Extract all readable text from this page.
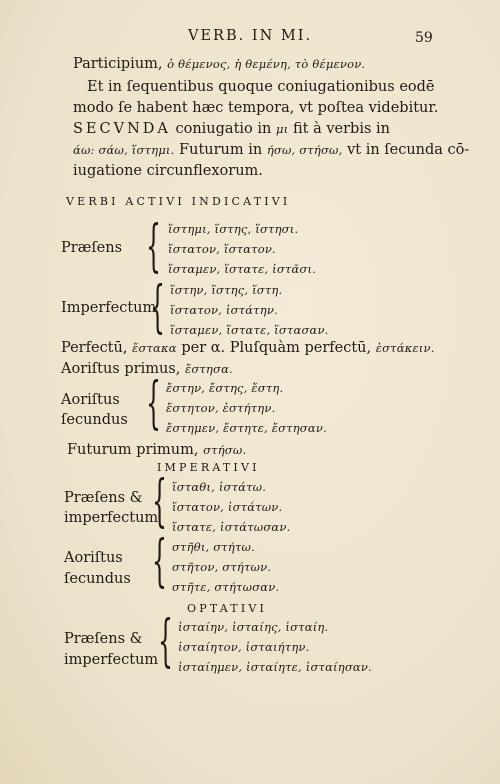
VERB. IN MI.	59
Participium, ὁ θέμενος, ἡ θεμένη, τὸ θέμενον.
Et in ſequentibus quoque coniugationibus eodē
modo ſe habent hæc tempora, vt poſtea videbitur.
SECVNDA coniugatio in μι fit à verbis in
άω: σάω, ἵστημι. Futurum in ήσω, στήσω, vt in ſecunda cō-
iugatione circunflexorum.
VERBI ACTIVI INDICATIVI
Præſens { ἵστημι, ἵστης, ἵστησι.
ἵστατον, ἵστατον.
ἵσταμεν, ἵστατε, ἱστᾶσι.
Imperfectum
{ ἵστην, ἵστης, ἵστη.
ἵστατον, ἱστάτην.
ἵσταμεν, ἵστατε, ἵστασαν.
Perfectū, ἕστακα per α. Pluſquàm perfectū, ἑστάκειν.
Aoriſtus primus, ἔστησα.
Aoriſtus
ſecundus { ἔστην, ἔστης, ἔστη.
ἔστητον, ἐστήτην.
ἔστημεν, ἔστητε, ἔστησαν.
Futurum primum, στήσω.
IMPERATIVI
Præſens &
imperfectum
{ ἵσταθι, ἱστάτω.
ἵστατον, ἱστάτων.
ἵστατε, ἱστάτωσαν.
Aoriſtus
ſecundus { στῆθι, στήτω.
στῆτον, στήτων.
στῆτε, στήτωσαν.
OPTATIVI
Præſens &
imperfectum { ἱσταίην, ἱσταίης, ἱσταίη.
ἱσταίητον, ἱσταιήτην.
ἱσταίημεν, ἱσταίητε, ἱσταίησαν.
